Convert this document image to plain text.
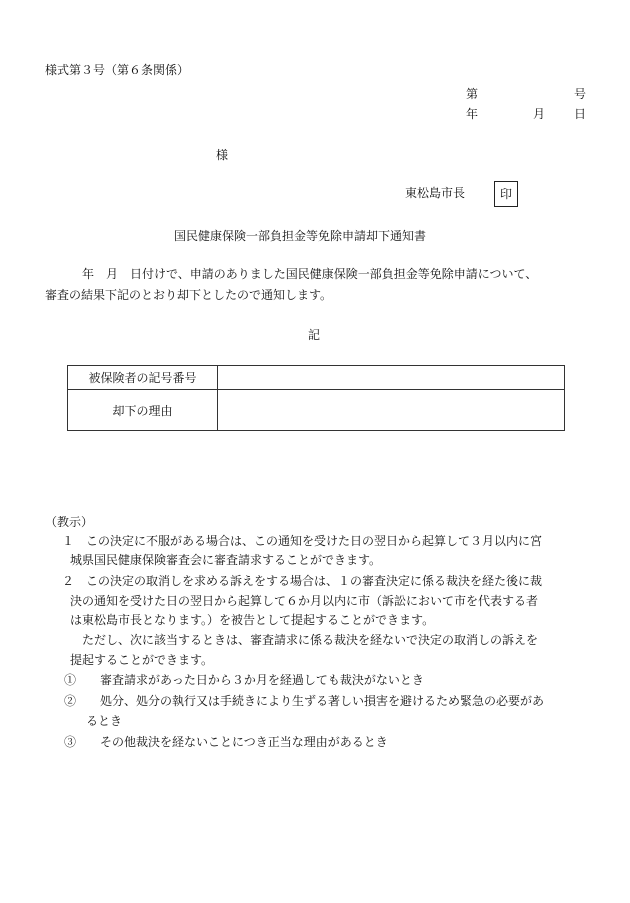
様式第３号（第６条関係）
第	号
年	月 日
様
東松島市長	印
国民健康保険一部負担金等免除申請却下通知書
年　月　日付けで、申請のありました国民健康保険一部負担金等免除申請について、
審査の結果下記のとおり却下としたので通知します。
記
被保険者の記号番号	
却下の理由	
（教示）
１　この決定に不服がある場合は、この通知を受けた日の翌日から起算して３月以内に宮
城県国民健康保険審査会に審査請求することができます。
２　この決定の取消しを求める訴えをする場合は、１の審査決定に係る裁決を経た後に裁
決の通知を受けた日の翌日から起算して６か月以内に市（訴訟において市を代表する者
は東松島市長となります。）を被告として提起することができます。
ただし、次に該当するときは、審査請求に係る裁決を経ないで決定の取消しの訴えを
提起することができます。
①　　審査請求があった日から３か月を経過しても裁決がないとき
②　　処分、処分の執行又は手続きにより生ずる著しい損害を避けるため緊急の必要があ
るとき
③　　その他裁決を経ないことにつき正当な理由があるとき
